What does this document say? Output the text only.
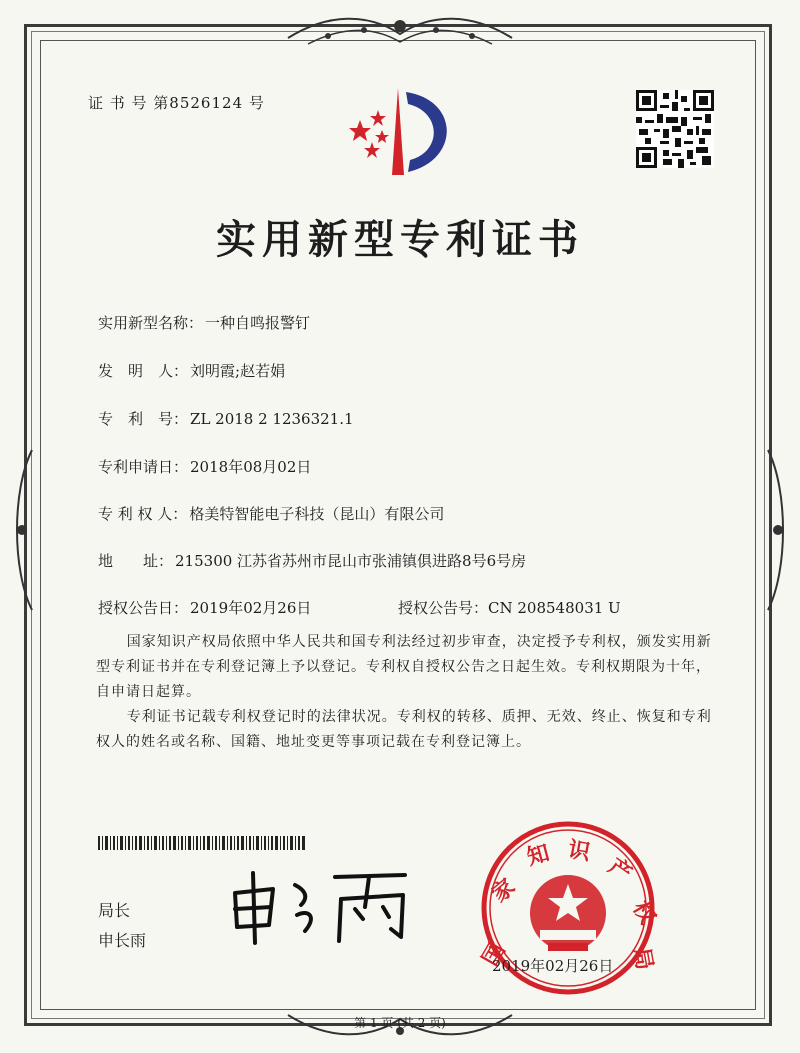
证 书 号 第8526124 号
实用新型专利证书
实用新型名称： 一种自鸣报警钉
发　明　人： 刘明霞;赵若娟
专　利　号： ZL 2018 2 1236321.1
专利申请日： 2018年08月02日
专 利 权 人： 格美特智能电子科技（昆山）有限公司
地　　址： 215300 江苏省苏州市昆山市张浦镇俱进路8号6号房
授权公告日： 2019年02月26日	授权公告号：CN 208548031 U
国家知识产权局依照中华人民共和国专利法经过初步审查，决定授予专利权，颁发实用新型专利证书并在专利登记簿上予以登记。专利权自授权公告之日起生效。专利权期限为十年，自申请日起算。
专利证书记载专利权登记时的法律状况。专利权的转移、质押、无效、终止、恢复和专利权人的姓名或名称、国籍、地址变更等事项记载在专利登记簿上。
局长
申长雨	国
家
知 识
产
权
局
2019年02月26日
第 1 页 (共 2 页)
